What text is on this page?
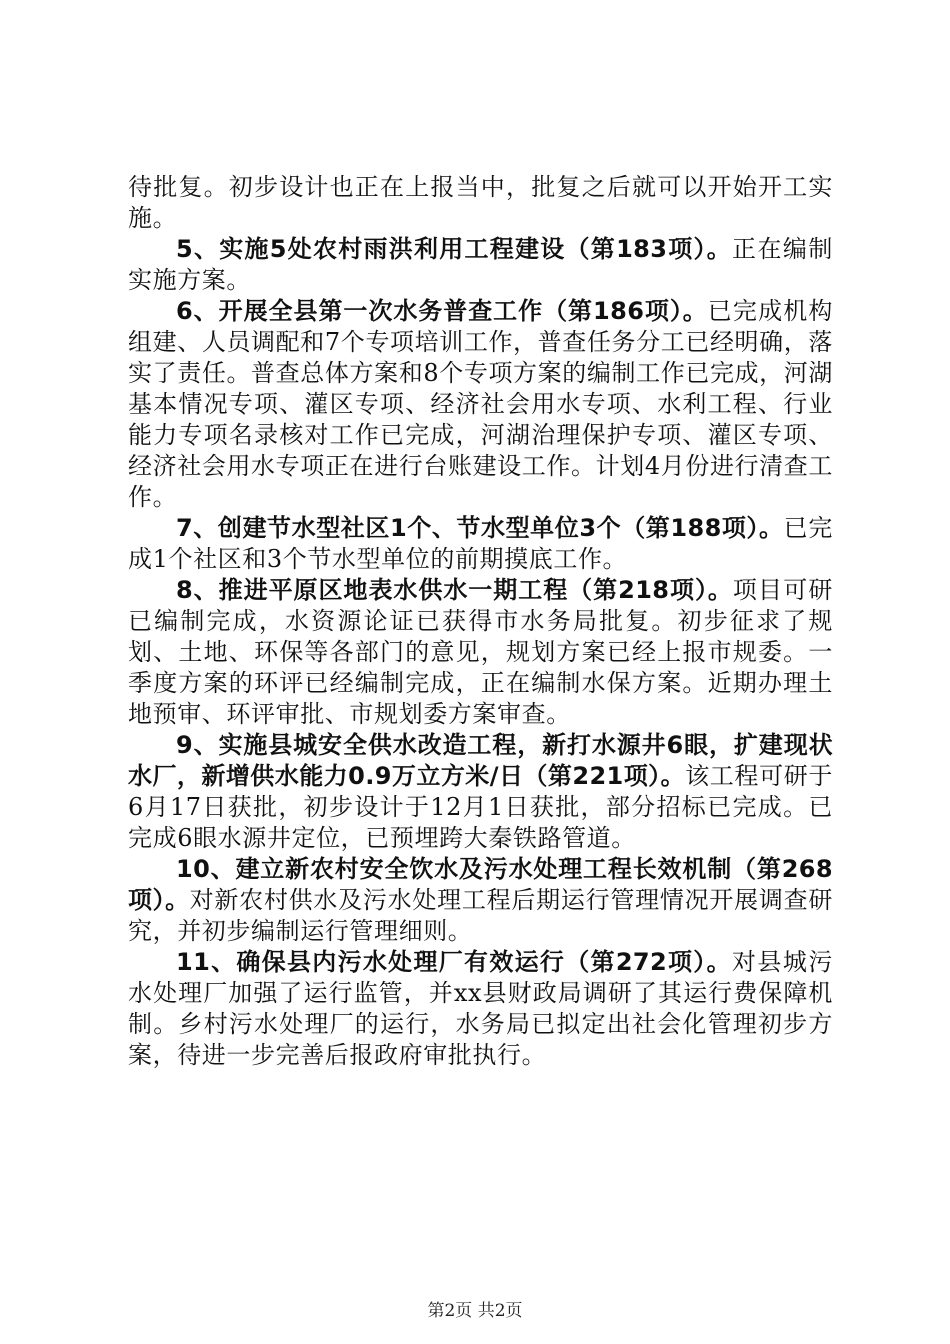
待批复。初步设计也正在上报当中，批复之后就可以开始开工实施。

5、实施5处农村雨洪利用工程建设（第183项）。正在编制实施方案。

6、开展全县第一次水务普查工作（第186项）。已完成机构组建、人员调配和7个专项培训工作，普查任务分工已经明确，落实了责任。普查总体方案和8个专项方案的编制工作已完成，河湖基本情况专项、灌区专项、经济社会用水专项、水利工程、行业能力专项名录核对工作已完成，河湖治理保护专项、灌区专项、经济社会用水专项正在进行台账建设工作。计划4月份进行清查工作。

7、创建节水型社区1个、节水型单位3个（第188项）。已完成1个社区和3个节水型单位的前期摸底工作。

8、推进平原区地表水供水一期工程（第218项）。项目可研已编制完成，水资源论证已获得市水务局批复。初步征求了规划、土地、环保等各部门的意见，规划方案已经上报市规委。一季度方案的环评已经编制完成，正在编制水保方案。近期办理土地预审、环评审批、市规划委方案审查。

9、实施县城安全供水改造工程，新打水源井6眼，扩建现状水厂，新增供水能力0.9万立方米/日（第221项）。该工程可研于6月17日获批，初步设计于12月1日获批，部分招标已完成。已完成6眼水源井定位，已预埋跨大秦铁路管道。

10、建立新农村安全饮水及污水处理工程长效机制（第268项）。对新农村供水及污水处理工程后期运行管理情况开展调查研究，并初步编制运行管理细则。

11、确保县内污水处理厂有效运行（第272项）。对县城污水处理厂加强了运行监管，并xx县财政局调研了其运行费保障机制。乡村污水处理厂的运行，水务局已拟定出社会化管理初步方案，待进一步完善后报政府审批执行。

第2页 共2页
